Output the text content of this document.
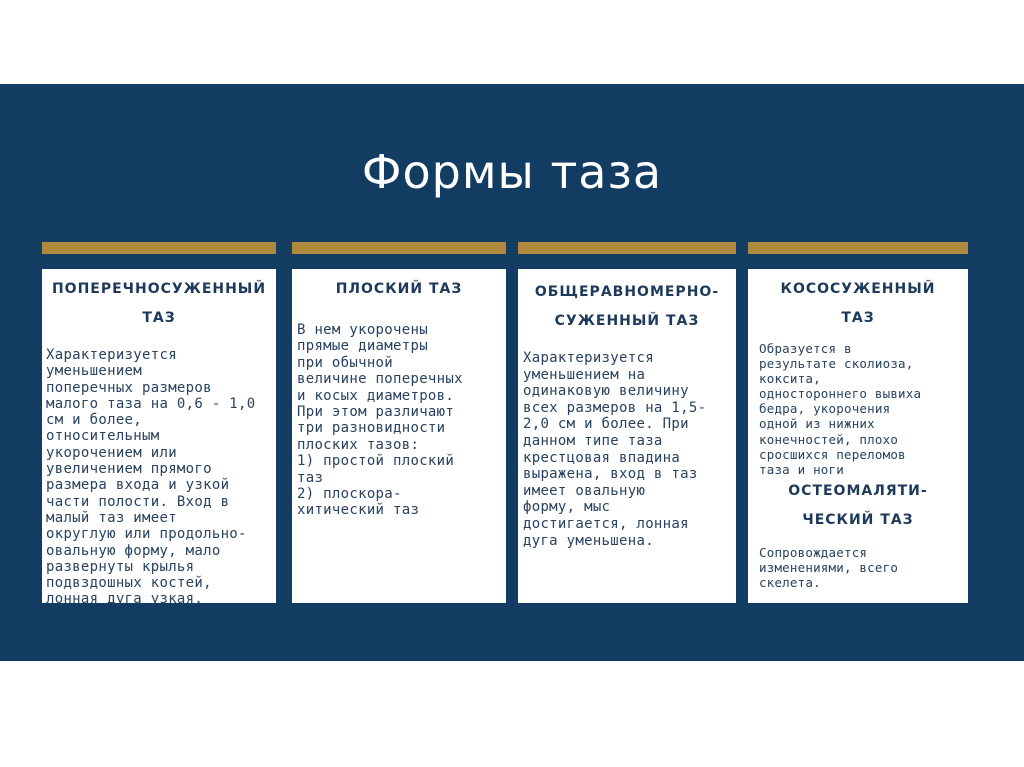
Формы таза
ПОПЕРЕЧНОСУЖЕННЫЙ
ТАЗ
Характеризуется
уменьшением
поперечных размеров
малого таза на 0,6 - 1,0
см и более,
относительным
укорочением или
увеличением прямого
размера входа и узкой
части полости. Вход в
малый таз имеет
округлую или продольно-
овальную форму, мало
развернуты крылья
подвздошных костей,
лонная дуга узкая.
ПЛОСКИЙ ТАЗ
В нем укорочены
прямые диаметры
при обычной
величине поперечных
и косых диаметров.
При этом различают
три разновидности
плоских тазов:
1) простой плоский
таз
2) плоскора-
хитический таз
ОБЩЕРАВНОМЕРНО-
СУЖЕННЫЙ ТАЗ
Характеризуется
уменьшением на
одинаковую величину
всех размеров на 1,5-
2,0 см и более. При
данном типе таза
крестцовая впадина
выражена, вход в таз
имеет овальную
форму, мыс
достигается, лонная
дуга уменьшена.
КОСОСУЖЕННЫЙ
ТАЗ
Образуется в
результате сколиоза,
коксита,
одностороннего вывиха
бедра, укорочения
одной из нижних
конечностей, плохо
сросшихся переломов
таза и ноги
ОСТЕОМАЛЯТИ-
ЧЕСКИЙ ТАЗ
Сопровождается
изменениями, всего
скелета.
